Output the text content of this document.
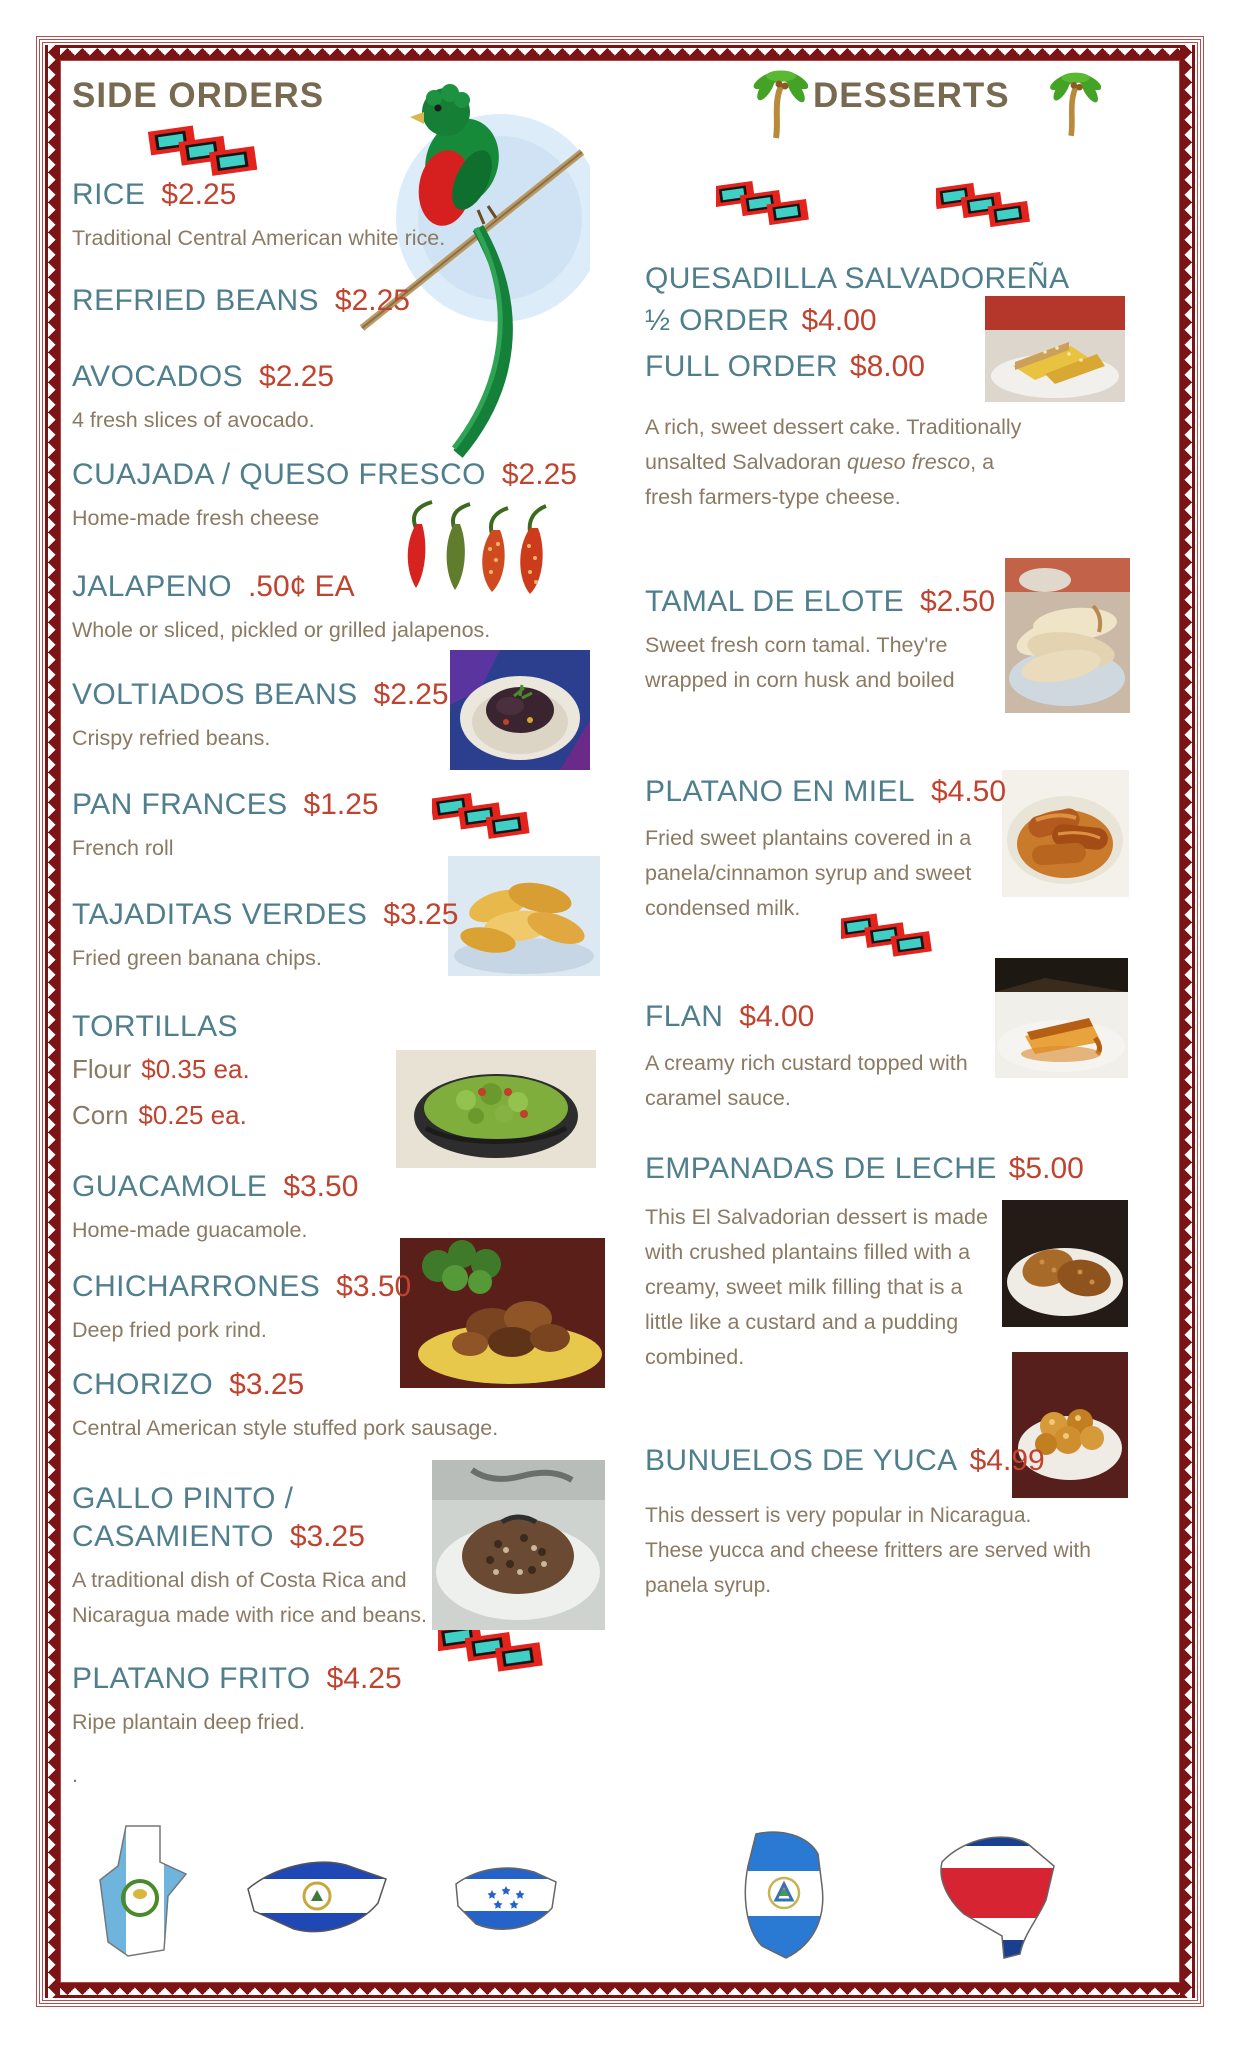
SIDE ORDERS	DESSERTS
RICE $2.25
Traditional Central American white rice.
REFRIED BEANS $2.25
AVOCADOS $2.25
4 fresh slices of avocado.
CUAJADA / QUESO FRESCO $2.25
Home-made fresh cheese
JALAPENO .50¢ EA
Whole or sliced, pickled or grilled jalapenos.
VOLTIADOS BEANS $2.25
Crispy refried beans.
PAN FRANCES $1.25
French roll
TAJADITAS VERDES $3.25
Fried green banana chips.
TORTILLAS
Flour $0.35 ea.
Corn $0.25 ea.
GUACAMOLE $3.50
Home-made guacamole.
CHICHARRONES $3.50
Deep fried pork rind.
CHORIZO $3.25
Central American style stuffed pork sausage.
GALLO PINTO /
CASAMIENTO $3.25
A traditional dish of Costa Rica and
Nicaragua made with rice and beans.
PLATANO FRITO $4.25
Ripe plantain deep fried.
.
QUESADILLA SALVADOREÑA
½ ORDER $4.00
FULL ORDER $8.00
A rich, sweet dessert cake. Traditionally
unsalted Salvadoran queso fresco, a
fresh farmers-type cheese.
TAMAL DE ELOTE $2.50
Sweet fresh corn tamal. They're
wrapped in corn husk and boiled
PLATANO EN MIEL $4.50
Fried sweet plantains covered in a
panela/cinnamon syrup and sweet
condensed milk.
FLAN $4.00
A creamy rich custard topped with
caramel sauce.
EMPANADAS DE LECHE $5.00
This El Salvadorian dessert is made
with crushed plantains filled with a
creamy, sweet milk filling that is a
little like a custard and a pudding
combined.
BUNUELOS DE YUCA $4.99
This dessert is very popular in Nicaragua.
These yucca and cheese fritters are served with
panela syrup.
